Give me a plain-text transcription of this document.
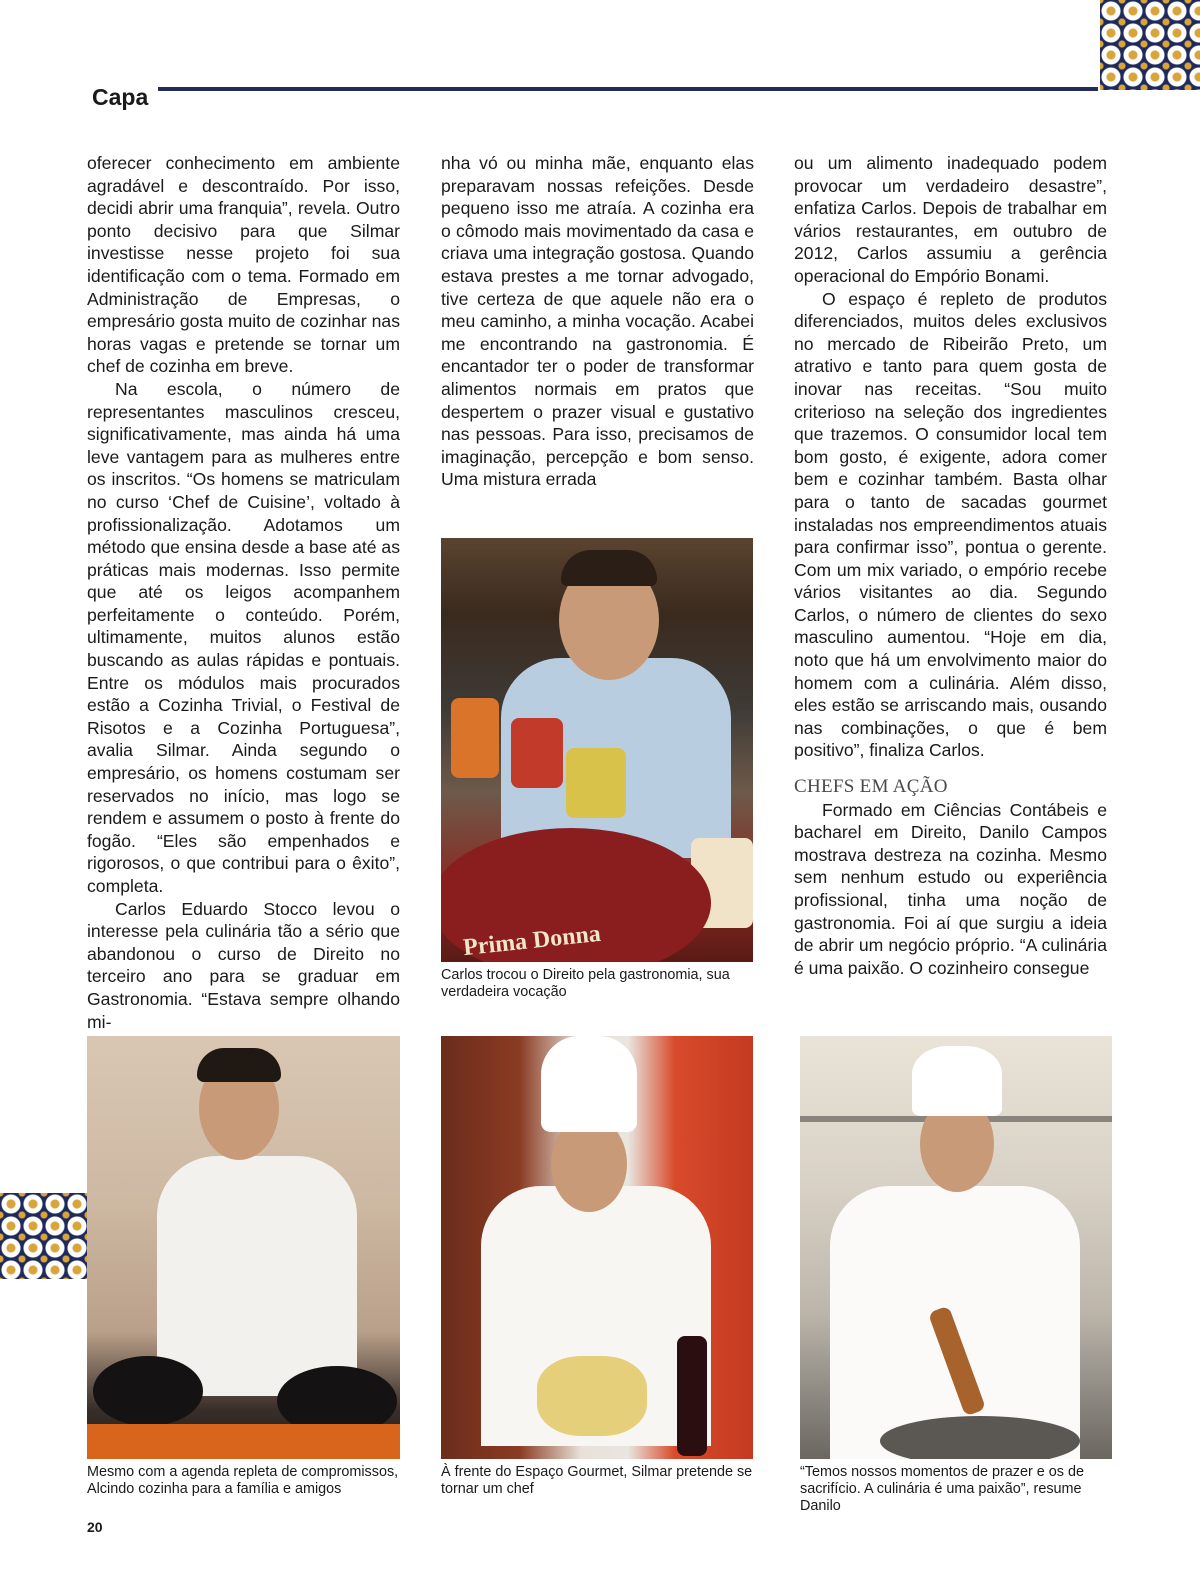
Capa

oferecer conhecimento em ambiente agradável e descontraído. Por isso, decidi abrir uma franquia”, revela. Outro ponto decisivo para que Silmar investisse nesse projeto foi sua identificação com o tema. Formado em Administração de Empresas, o empresário gosta muito de cozinhar nas horas vagas e pretende se tornar um chef de cozinha em breve.

Na escola, o número de representantes masculinos cresceu, significativamente, mas ainda há uma leve vantagem para as mulheres entre os inscritos. “Os homens se matriculam no curso ‘Chef de Cuisine’, voltado à profissionalização. Adotamos um método que ensina desde a base até as práticas mais modernas. Isso permite que até os leigos acompanhem perfeitamente o conteúdo. Porém, ultimamente, muitos alunos estão buscando as aulas rápidas e pontuais. Entre os módulos mais procurados estão a Cozinha Trivial, o Festival de Risotos e a Cozinha Portuguesa”, avalia Silmar. Ainda segundo o empresário, os homens costumam ser reservados no início, mas logo se rendem e assumem o posto à frente do fogão. “Eles são empenhados e rigorosos, o que contribui para o êxito”, completa.

Carlos Eduardo Stocco levou o interesse pela culinária tão a sério que abandonou o curso de Direito no terceiro ano para se graduar em Gastronomia. “Estava sempre olhando mi-

nha vó ou minha mãe, enquanto elas preparavam nossas refeições. Desde pequeno isso me atraía. A cozinha era o cômodo mais movimentado da casa e criava uma integração gostosa. Quando estava prestes a me tornar advogado, tive certeza de que aquele não era o meu caminho, a minha vocação. Acabei me encontrando na gastronomia. É encantador ter o poder de transformar alimentos normais em pratos que despertem o prazer visual e gustativo nas pessoas. Para isso, precisamos de imaginação, percepção e bom senso. Uma mistura errada

ou um alimento inadequado podem provocar um verdadeiro desastre”, enfatiza Carlos. Depois de trabalhar em vários restaurantes, em outubro de 2012, Carlos assumiu a gerência operacional do Empório Bonami.

O espaço é repleto de produtos diferenciados, muitos deles exclusivos no mercado de Ribeirão Preto, um atrativo e tanto para quem gosta de inovar nas receitas. “Sou muito criterioso na seleção dos ingredientes que trazemos. O consumidor local tem bom gosto, é exigente, adora comer bem e cozinhar também. Basta olhar para o tanto de sacadas gourmet instaladas nos empreendimentos atuais para confirmar isso”, pontua o gerente. Com um mix variado, o empório recebe vários visitantes ao dia. Segundo Carlos, o número de clientes do sexo masculino aumentou. “Hoje em dia, noto que há um envolvimento maior do homem com a culinária. Além disso, eles estão se arriscando mais, ousando nas combinações, o que é bem positivo”, finaliza Carlos.

CHEFS EM AÇÃO

Formado em Ciências Contábeis e bacharel em Direito, Danilo Campos mostrava destreza na cozinha. Mesmo sem nenhum estudo ou experiência profissional, tinha uma noção de gastronomia. Foi aí que surgiu a ideia de abrir um negócio próprio. “A culinária é uma paixão. O cozinheiro consegue

Prima Donna
Carlos trocou o Direito pela gastronomia, sua verdadeira vocação
Mesmo com a agenda repleta de compromissos, Alcindo cozinha para a família e amigos
À frente do Espaço Gourmet, Silmar pretende se tornar um chef
“Temos nossos momentos de prazer e os de sacrifício. A culinária é uma paixão”, resume Danilo
20
